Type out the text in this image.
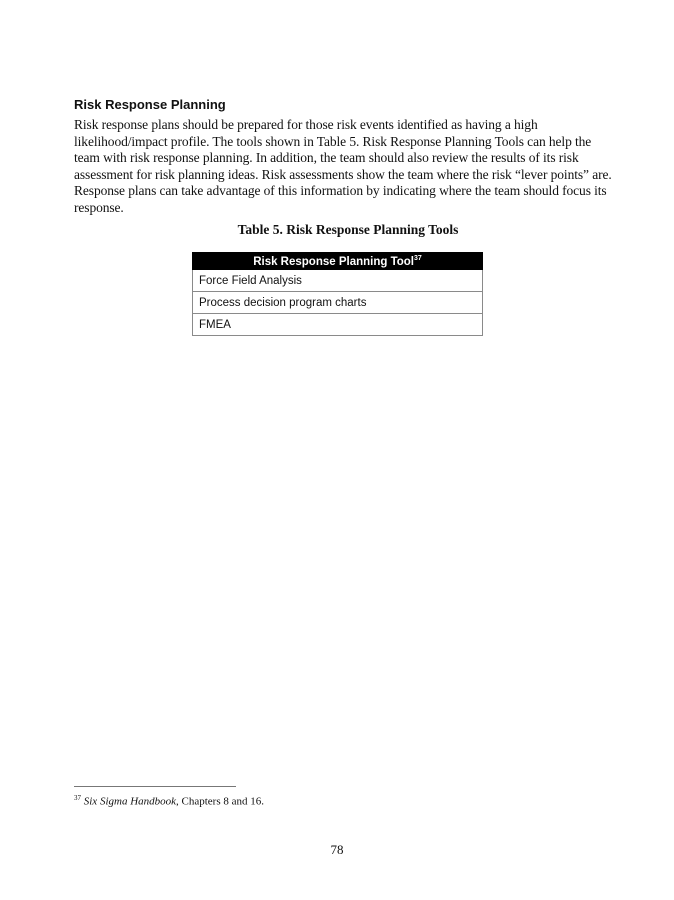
Risk Response Planning

Risk response plans should be prepared for those risk events identified as having a high likelihood/impact profile. The tools shown in Table 5. Risk Response Planning Tools can help the team with risk response planning. In addition, the team should also review the results of its risk assessment for risk planning ideas. Risk assessments show the team where the risk “lever points” are. Response plans can take advantage of this information by indicating where the team should focus its response.

Table 5. Risk Response Planning Tools

Risk Response Planning Tool$^{37}$
Force Field Analysis
Process decision program charts
FMEA

$^{37}$ Six Sigma Handbook, Chapters 8 and 16.

78
